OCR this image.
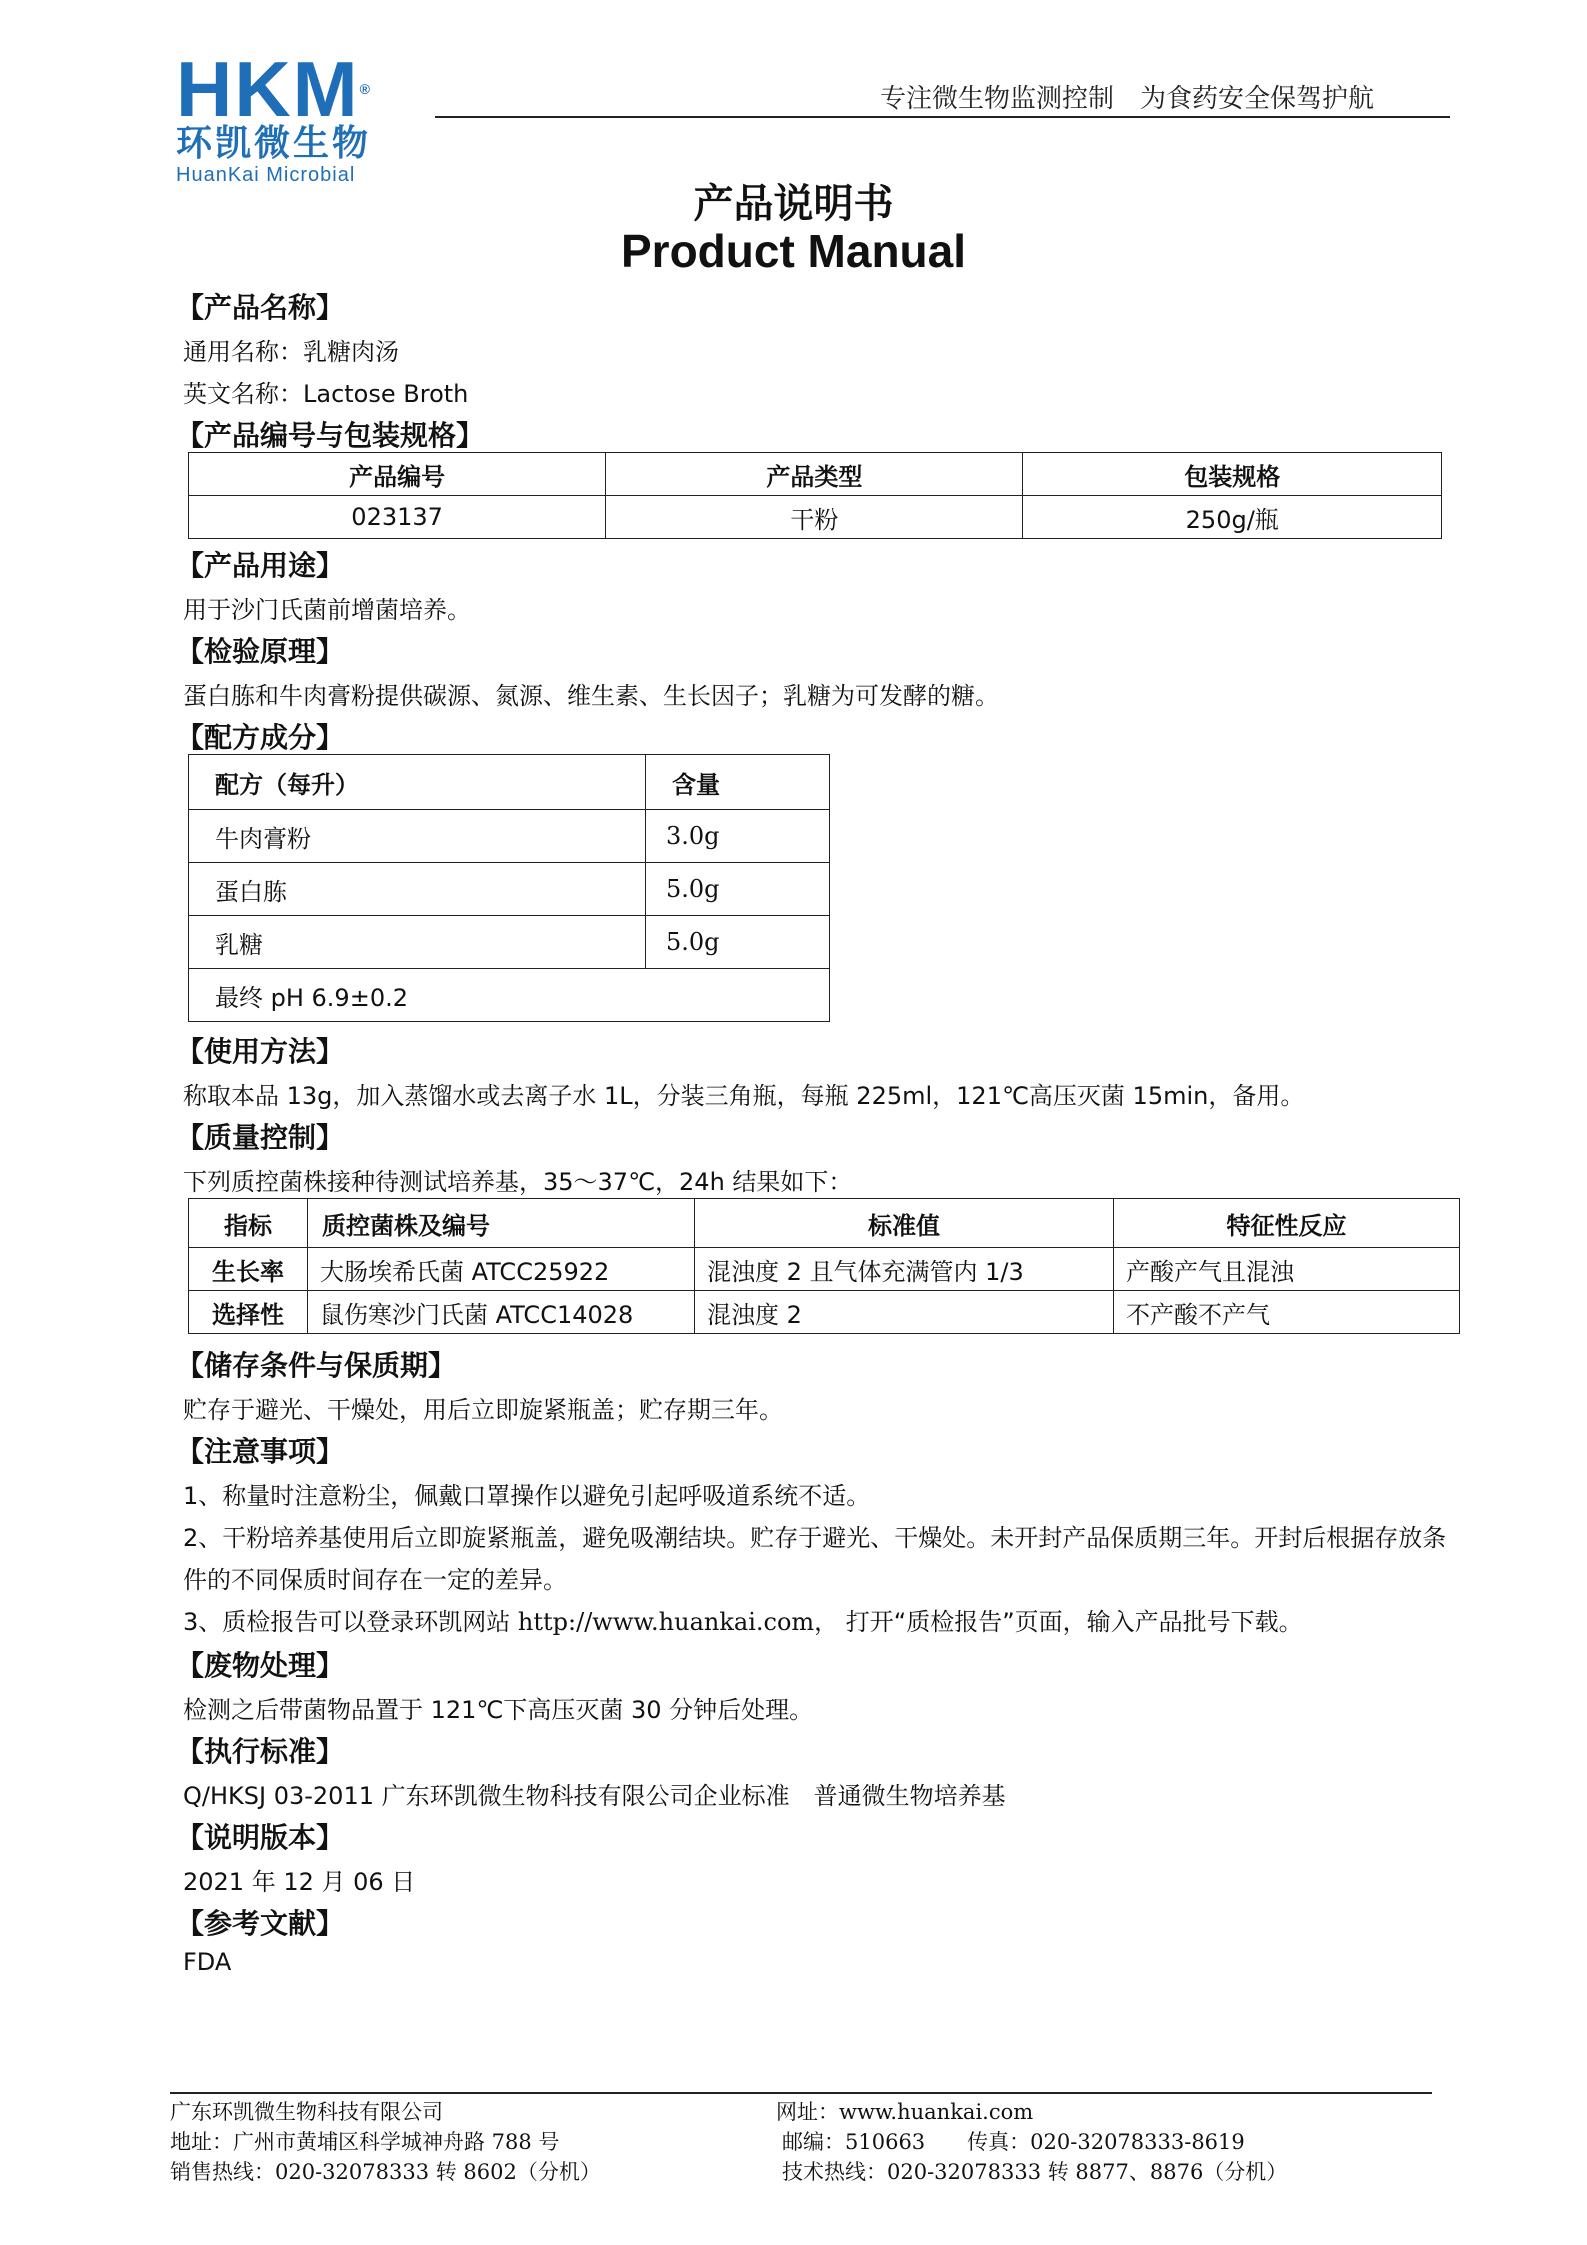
HKM®
环凯微生物
HuanKai Microbial
专注微生物监测控制　为食药安全保驾护航
产品说明书
Product Manual
【产品名称】
通用名称：乳糖肉汤
英文名称：Lactose Broth
【产品编号与包装规格】
产品编号	产品类型	包装规格
023137	干粉	250g/瓶
【产品用途】
用于沙门氏菌前增菌培养。
【检验原理】
蛋白胨和牛肉膏粉提供碳源、氮源、维生素、生长因子；乳糖为可发酵的糖。
【配方成分】
配方（每升）	含量
牛肉膏粉	3.0g
蛋白胨	5.0g
乳糖	5.0g
最终 pH 6.9±0.2	
【使用方法】
称取本品 13g，加入蒸馏水或去离子水 1L，分装三角瓶，每瓶 225ml，121℃高压灭菌 15min，备用。
【质量控制】
下列质控菌株接种待测试培养基，35～37℃，24h 结果如下：
指标	质控菌株及编号	标准值	特征性反应
生长率	大肠埃希氏菌 ATCC25922	混浊度 2 且气体充满管内 1/3	产酸产气且混浊
选择性	鼠伤寒沙门氏菌 ATCC14028	混浊度 2	不产酸不产气
【储存条件与保质期】
贮存于避光、干燥处，用后立即旋紧瓶盖；贮存期三年。
【注意事项】
1、称量时注意粉尘，佩戴口罩操作以避免引起呼吸道系统不适。
2、干粉培养基使用后立即旋紧瓶盖，避免吸潮结块。贮存于避光、干燥处。未开封产品保质期三年。开封后根据存放条
件的不同保质时间存在一定的差异。
3、质检报告可以登录环凯网站 http://www.huankai.com， 打开“质检报告”页面，输入产品批号下载。
【废物处理】
检测之后带菌物品置于 121℃下高压灭菌 30 分钟后处理。
【执行标准】
Q/HKSJ 03-2011 广东环凯微生物科技有限公司企业标准　普通微生物培养基
【说明版本】
2021 年 12 月 06 日
【参考文献】
FDA
广东环凯微生物科技有限公司
地址：广州市黄埔区科学城神舟路 788 号
销售热线：020-32078333 转 8602（分机）
网址：www.huankai.com
邮编：510663　　传真：020-32078333-8619
技术热线：020-32078333 转 8877、8876（分机）
